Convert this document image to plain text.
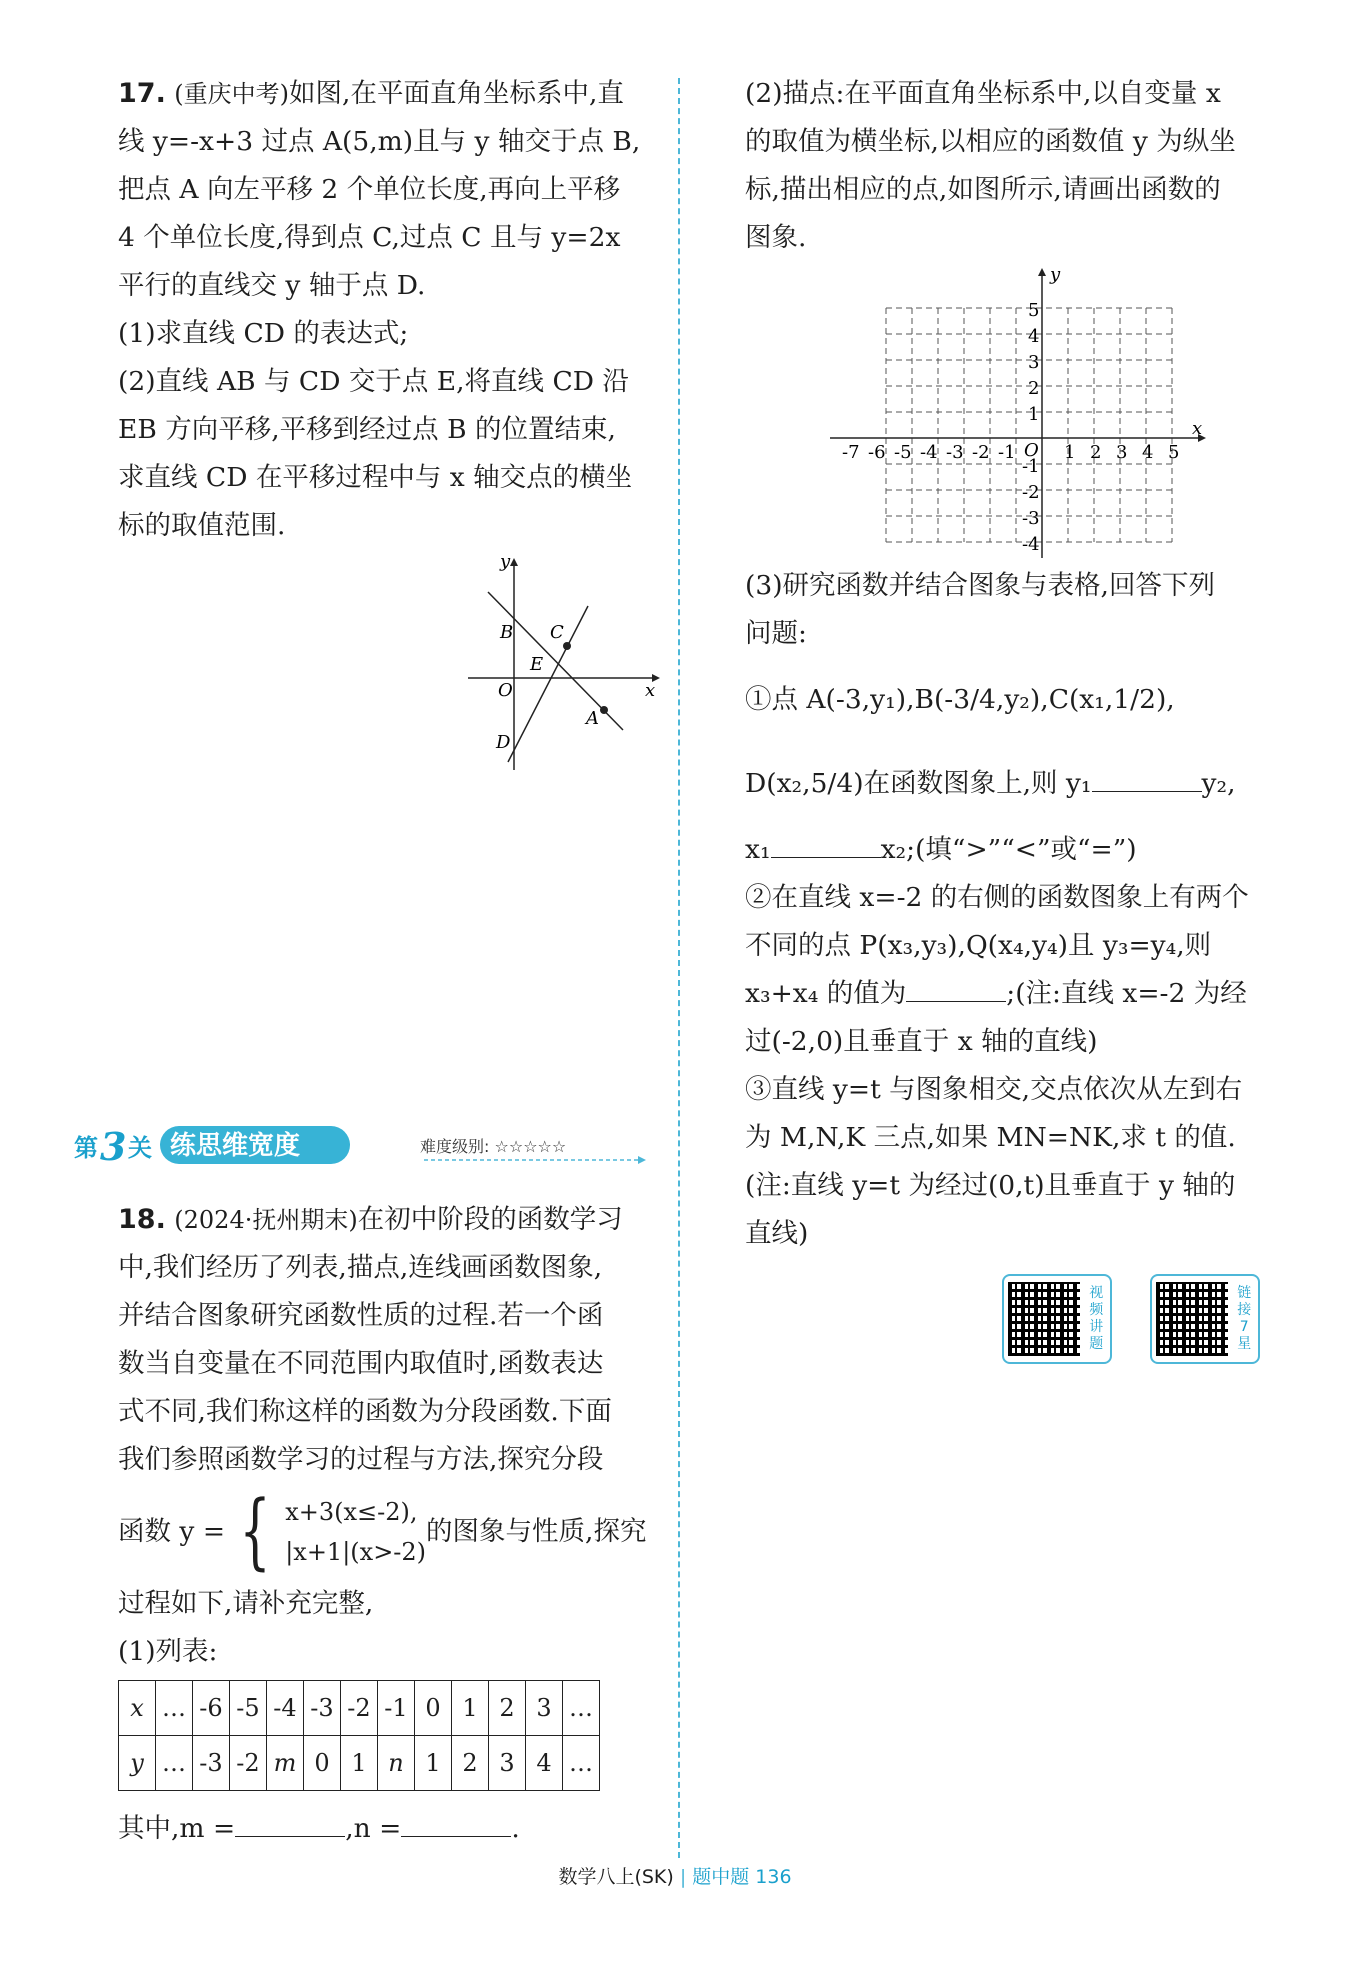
17. (重庆中考)如图,在平面直角坐标系中,直

线 y=-x+3 过点 A(5,m)且与 y 轴交于点 B,

把点 A 向左平移 2 个单位长度,再向上平移

4 个单位长度,得到点 C,过点 C 且与 y=2x

平行的直线交 y 轴于点 D.

(1)求直线 CD 的表达式;

(2)直线 AB 与 CD 交于点 E,将直线 CD 沿

EB 方向平移,平移到经过点 B 的位置结束,

求直线 CD 在平移过程中与 x 轴交点的横坐

标的取值范围.

y
x
B C
E
O
A
D
第 3 关 练思维宽度	难度级别: ☆☆☆☆☆

18. (2024·抚州期末)在初中阶段的函数学习

中,我们经历了列表,描点,连线画函数图象,

并结合图象研究函数性质的过程.若一个函

数当自变量在不同范围内取值时,函数表达

式不同,我们称这样的函数为分段函数.下面

我们参照函数学习的过程与方法,探究分段

函数 y = { x+3(x≤-2),
|x+1|(x>-2)
的图象与性质,探究

过程如下,请补充完整,

(1)列表:

x	…	-6	-5	-4	-3	-2	-1	0	1	2	3	…
y	…	-3	-2	m	0	1	n	1	2	3	4	…

其中,m =	,n =	.

(2)描点:在平面直角坐标系中,以自变量 x

的取值为横坐标,以相应的函数值 y 为纵坐

标,描出相应的点,如图所示,请画出函数的

图象.

y
x
O
-7 -6 -5 -4 -3 -2 -1	1 2 3 4 5
5
4
3
2
1
-1
-2
-3
-4

(3)研究函数并结合图象与表格,回答下列

问题:

①点 A(-3,y₁),B(-3/4,y₂),C(x₁,1/2),

D(x₂,5/4)在函数图象上,则 y₁	y₂,

x₁	x₂;(填“>”“<”或“=”)

②在直线 x=-2 的右侧的函数图象上有两个

不同的点 P(x₃,y₃),Q(x₄,y₄)且 y₃=y₄,则

x₃+x₄ 的值为	;(注:直线 x=-2 为经

过(-2,0)且垂直于 x 轴的直线)

③直线 y=t 与图象相交,交点依次从左到右

为 M,N,K 三点,如果 MN=NK,求 t 的值.

(注:直线 y=t 为经过(0,t)且垂直于 y 轴的

直线)

视频讲题
链接7星
数学八上(SK) | 题中题 136
